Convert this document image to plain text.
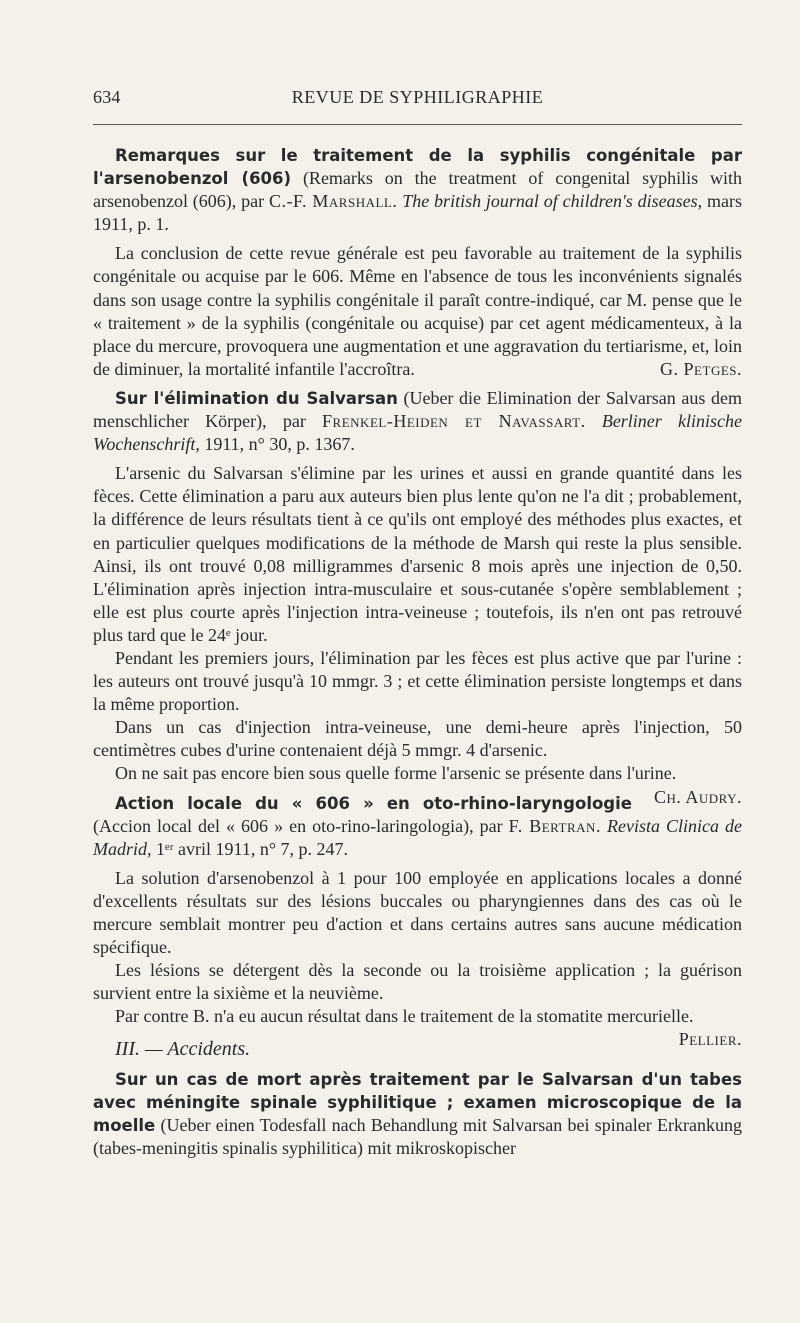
634	REVUE DE SYPHILIGRAPHIE

Remarques sur le traitement de la syphilis congénitale par l'arsenobenzol (606) (Remarks on the treatment of congenital syphilis with arsenobenzol (606), par C.-F. Marshall. The british journal of children's diseases, mars 1911, p. 1.

La conclusion de cette revue générale est peu favorable au traitement de la syphilis congénitale ou acquise par le 606. Même en l'absence de tous les inconvénients signalés dans son usage contre la syphilis congénitale il paraît contre-indiqué, car M. pense que le « traitement » de la syphilis (congénitale ou acquise) par cet agent médicamenteux, à la place du mercure, provoquera une augmentation et une aggravation du tertiarisme, et, loin de diminuer, la mortalité infantile l'accroîtra.	G. Petges.

Sur l'élimination du Salvarsan (Ueber die Elimination der Salvarsan aus dem menschlicher Körper), par Frenkel-Heiden et Navassart. Berliner klinische Wochenschrift, 1911, n° 30, p. 1367.

L'arsenic du Salvarsan s'élimine par les urines et aussi en grande quantité dans les fèces. Cette élimination a paru aux auteurs bien plus lente qu'on ne l'a dit ; probablement, la différence de leurs résultats tient à ce qu'ils ont employé des méthodes plus exactes, et en particulier quelques modifications de la méthode de Marsh qui reste la plus sensible. Ainsi, ils ont trouvé 0,08 milligrammes d'arsenic 8 mois après une injection de 0,50. L'élimination après injection intra-musculaire et sous-cutanée s'opère semblablement ; elle est plus courte après l'injection intra-veineuse ; toutefois, ils n'en ont pas retrouvé plus tard que le 24ᵉ jour.

Pendant les premiers jours, l'élimination par les fèces est plus active que par l'urine : les auteurs ont trouvé jusqu'à 10 mmgr. 3 ; et cette élimination persiste longtemps et dans la même proportion.

Dans un cas d'injection intra-veineuse, une demi-heure après l'injection, 50 centimètres cubes d'urine contenaient déjà 5 mmgr. 4 d'arsenic.

On ne sait pas encore bien sous quelle forme l'arsenic se présente dans l'urine.
Ch. Audry.

Action locale du « 606 » en oto-rhino-laryngologie (Accion local del « 606 » en oto-rino-laringologia), par F. Bertran. Revista Clinica de Madrid, 1ᵉʳ avril 1911, n° 7, p. 247.

La solution d'arsenobenzol à 1 pour 100 employée en applications locales a donné d'excellents résultats sur des lésions buccales ou pharyngiennes dans des cas où le mercure semblait montrer peu d'action et dans certains autres sans aucune médication spécifique.

Les lésions se détergent dès la seconde ou la troisième application ; la guérison survient entre la sixième et la neuvième.

Par contre B. n'a eu aucun résultat dans le traitement de la stomatite mercurielle.
Pellier.

III. — Accidents.

Sur un cas de mort après traitement par le Salvarsan d'un tabes avec méningite spinale syphilitique ; examen microscopique de la moelle (Ueber einen Todesfall nach Behandlung mit Salvarsan bei spinaler Erkrankung (tabes-meningitis spinalis syphilitica) mit mikroskopischer
